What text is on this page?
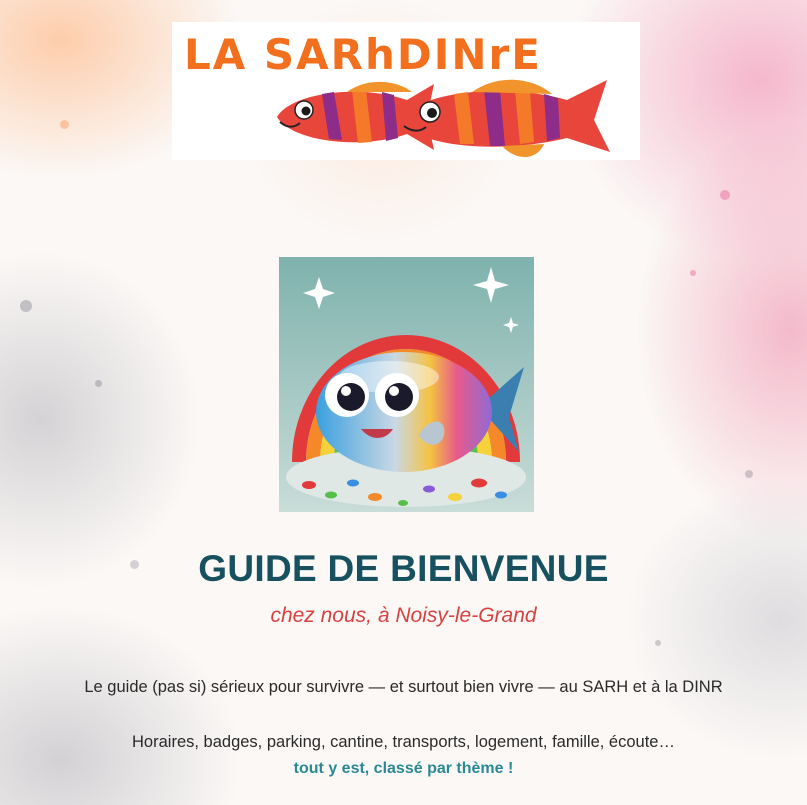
LA SARhDINrE
GUIDE DE BIENVENUE
chez nous, à Noisy-le-Grand

Le guide (pas si) sérieux pour survivre — et surtout bien vivre — au SARH et à la DINR

Horaires, badges, parking, cantine, transports, logement, famille, écoute…

tout y est, classé par thème !
